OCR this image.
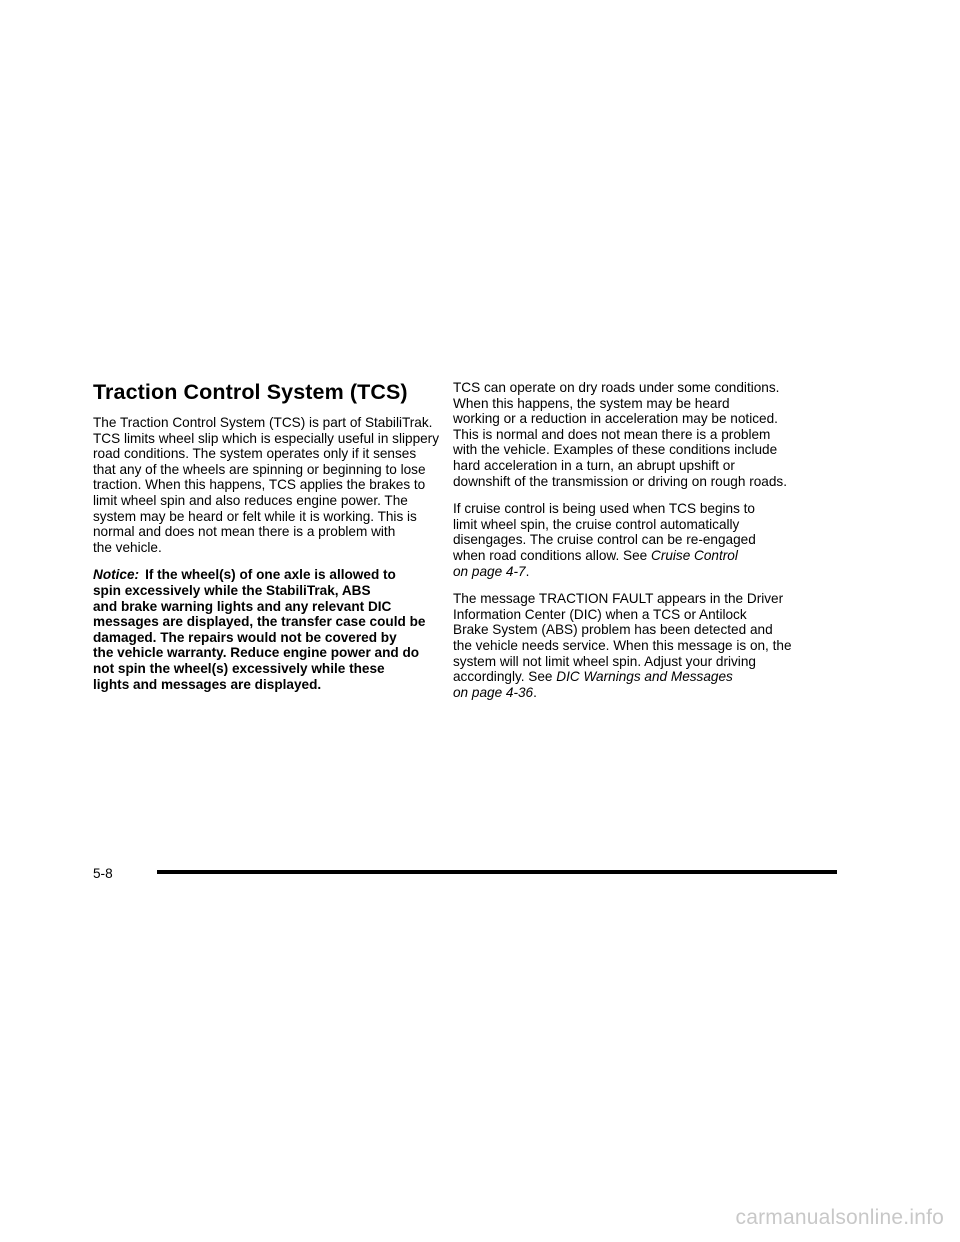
Traction Control System (TCS)

The Traction Control System (TCS) is part of StabiliTrak.
TCS limits wheel slip which is especially useful in slippery
road conditions. The system operates only if it senses
that any of the wheels are spinning or beginning to lose
traction. When this happens, TCS applies the brakes to
limit wheel spin and also reduces engine power. The
system may be heard or felt while it is working. This is
normal and does not mean there is a problem with
the vehicle.

Notice: If the wheel(s) of one axle is allowed to
spin excessively while the StabiliTrak, ABS
and brake warning lights and any relevant DIC
messages are displayed, the transfer case could be
damaged. The repairs would not be covered by
the vehicle warranty. Reduce engine power and do
not spin the wheel(s) excessively while these
lights and messages are displayed.

TCS can operate on dry roads under some conditions.
When this happens, the system may be heard
working or a reduction in acceleration may be noticed.
This is normal and does not mean there is a problem
with the vehicle. Examples of these conditions include
hard acceleration in a turn, an abrupt upshift or
downshift of the transmission or driving on rough roads.

If cruise control is being used when TCS begins to
limit wheel spin, the cruise control automatically
disengages. The cruise control can be re-engaged
when road conditions allow. See Cruise Control
on page 4-7.

The message TRACTION FAULT appears in the Driver
Information Center (DIC) when a TCS or Antilock
Brake System (ABS) problem has been detected and
the vehicle needs service. When this message is on, the
system will not limit wheel spin. Adjust your driving
accordingly. See DIC Warnings and Messages
on page 4-36.

5-8
carmanualsonline.info
